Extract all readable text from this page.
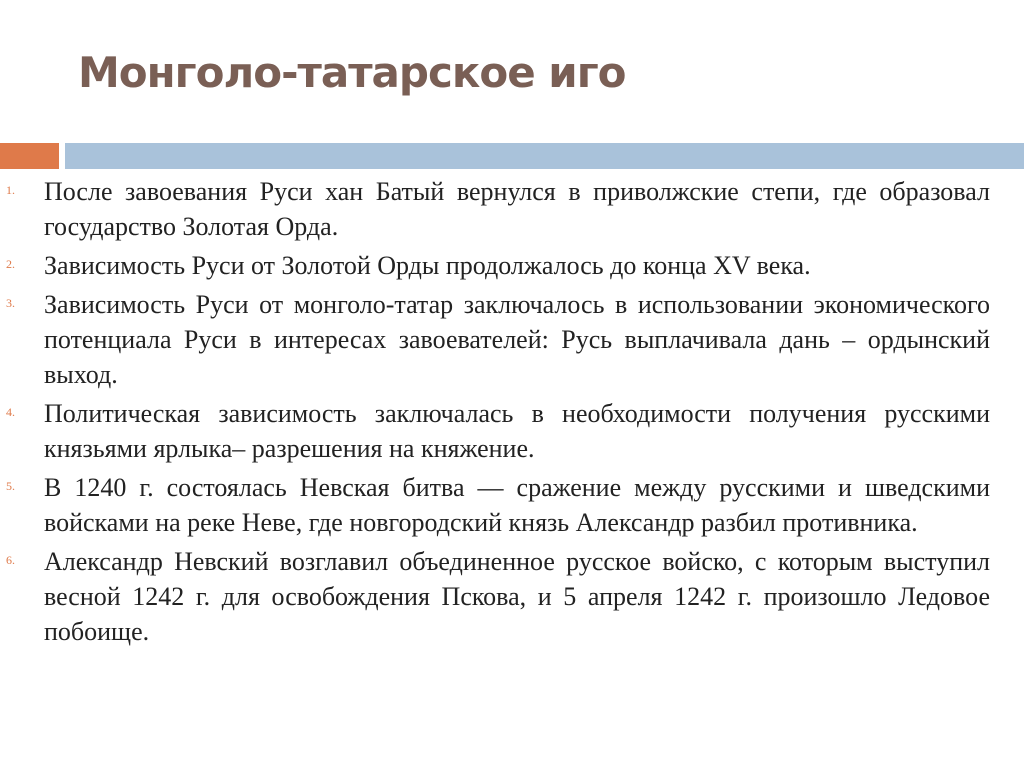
Монголо-татарское иго
1. После завоевания Руси хан Батый вернулся в приволжские степи, где образовал государство Золотая Орда.
2. Зависимость Руси от Золотой Орды продолжалось до конца XV века.
3. Зависимость Руси от монголо-татар заключалось в использовании экономического потенциала Руси в интересах завоевателей: Русь выплачивала дань – ордынский выход.
4. Политическая зависимость заключалась в необходимости получения русскими князьями ярлыка– разрешения на княжение.
5. В 1240 г. состоялась Невская битва — сражение между русскими и шведскими войсками на реке Неве, где новгородский князь Александр разбил противника.
6. Александр Невский возглавил объединенное русское войско, с которым выступил весной 1242 г. для освобождения Пскова, и 5 апреля 1242 г. произошло Ледовое побоище.
